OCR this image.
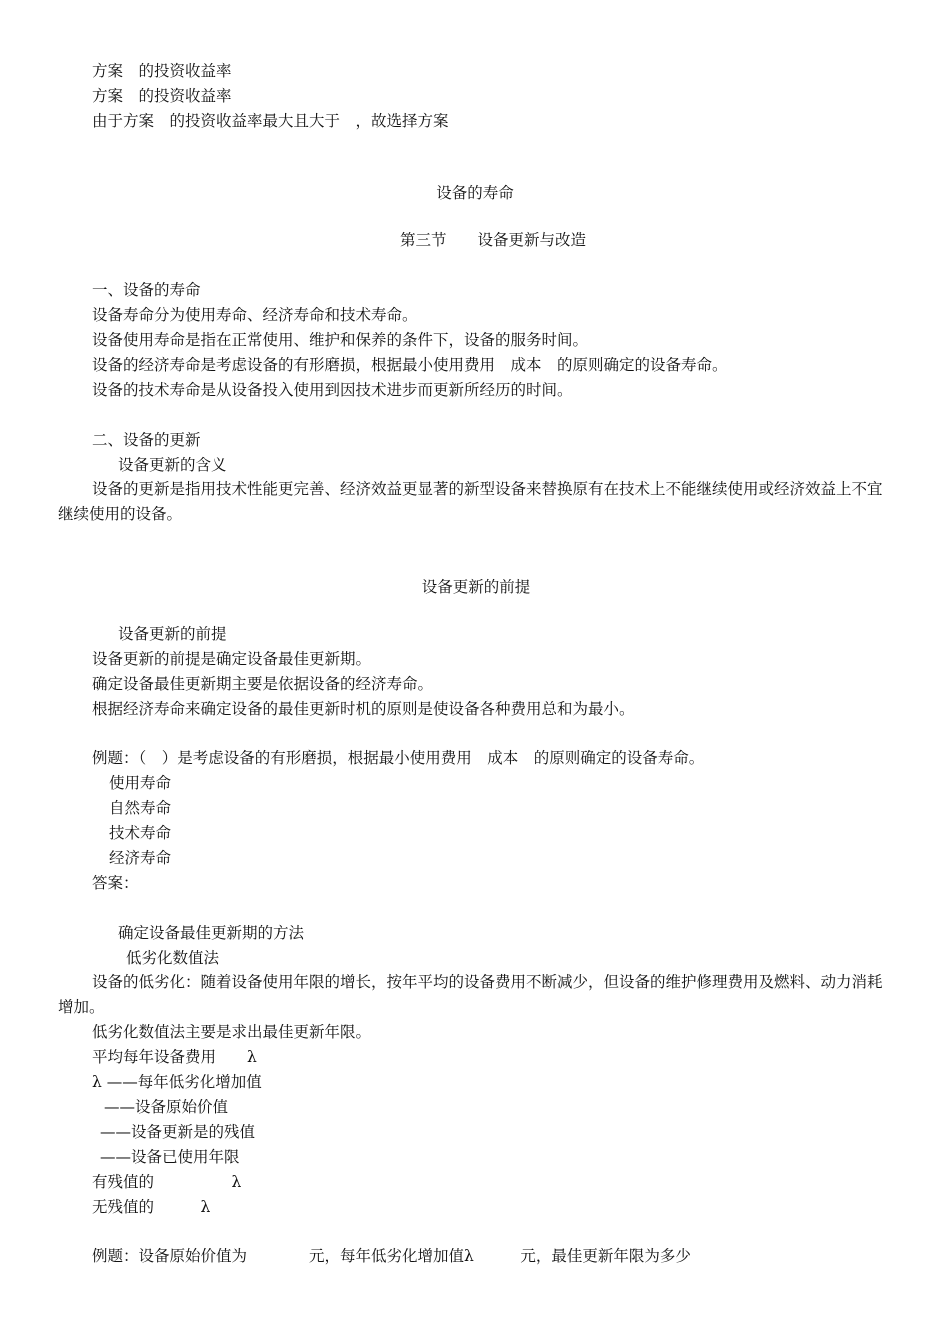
方案　的投资收益率
方案　的投资收益率
由于方案　的投资收益率最大且大于　，故选择方案
设备的寿命
第三节　　设备更新与改造
一、设备的寿命
设备寿命分为使用寿命、经济寿命和技术寿命。
设备使用寿命是指在正常使用、维护和保养的条件下，设备的服务时间。
设备的经济寿命是考虑设备的有形磨损，根据最小使用费用　成本　的原则确定的设备寿命。
设备的技术寿命是从设备投入使用到因技术进步而更新所经历的时间。
二、设备的更新
设备更新的含义
设备的更新是指用技术性能更完善、经济效益更显著的新型设备来替换原有在技术上不能继续使用或经济效益上不宜继续使用的设备。
设备更新的前提
设备更新的前提
设备更新的前提是确定设备最佳更新期。
确定设备最佳更新期主要是依据设备的经济寿命。
根据经济寿命来确定设备的最佳更新时机的原则是使设备各种费用总和为最小。
例题：（　）是考虑设备的有形磨损，根据最小使用费用　成本　的原则确定的设备寿命。
使用寿命
自然寿命
技术寿命
经济寿命
答案：
确定设备最佳更新期的方法
低劣化数值法
设备的低劣化：随着设备使用年限的增长，按年平均的设备费用不断减少，但设备的维护修理费用及燃料、动力消耗增加。
低劣化数值法主要是求出最佳更新年限。
平均每年设备费用　　λ
λ ——每年低劣化增加值
——设备原始价值
——设备更新是的残值
——设备已使用年限
有残值的　　　　　λ
无残值的　　　λ
例题：设备原始价值为　　　　元，每年低劣化增加值λ　　　元，最佳更新年限为多少
